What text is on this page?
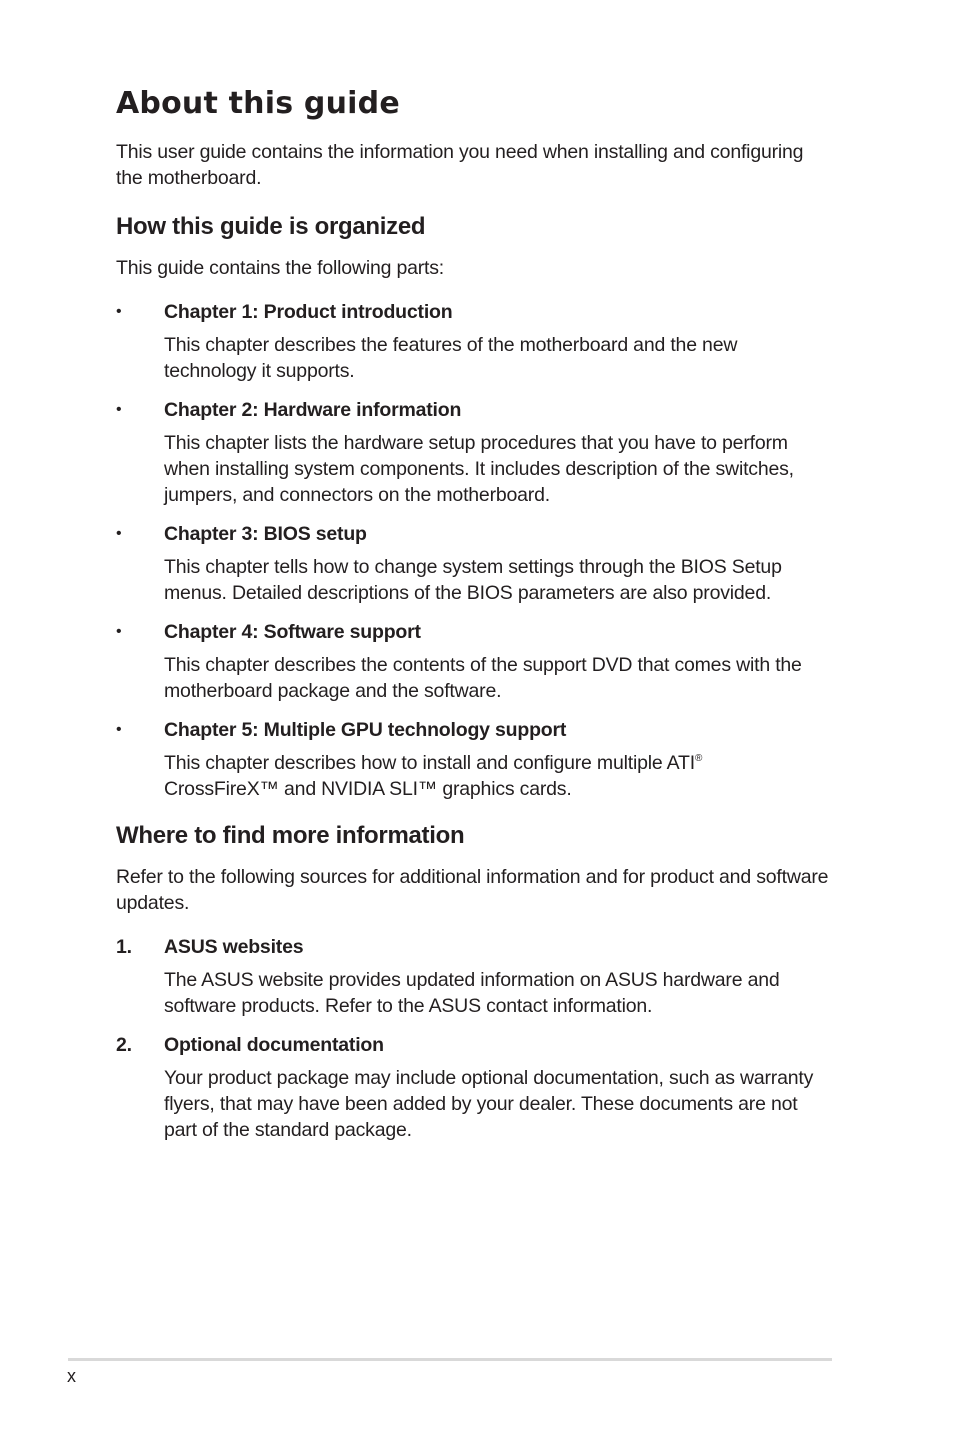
About this guide

This user guide contains the information you need when installing and configuring the motherboard.

How this guide is organized

This guide contains the following parts:

•	Chapter 1: Product introduction

This chapter describes the features of the motherboard and the new technology it supports.

•	Chapter 2: Hardware information

This chapter lists the hardware setup procedures that you have to perform when installing system components. It includes description of the switches, jumpers, and connectors on the motherboard.

•	Chapter 3: BIOS setup

This chapter tells how to change system settings through the BIOS Setup menus. Detailed descriptions of the BIOS parameters are also provided.

•	Chapter 4: Software support

This chapter describes the contents of the support DVD that comes with the motherboard package and the software.

•	Chapter 5: Multiple GPU technology support

This chapter describes how to install and configure multiple ATI®
CrossFireX™ and NVIDIA SLI™ graphics cards.

Where to find more information

Refer to the following sources for additional information and for product and software updates.

1.	ASUS websites

The ASUS website provides updated information on ASUS hardware and software products. Refer to the ASUS contact information.

2.	Optional documentation

Your product package may include optional documentation, such as warranty flyers, that may have been added by your dealer. These documents are not part of the standard package.

x
